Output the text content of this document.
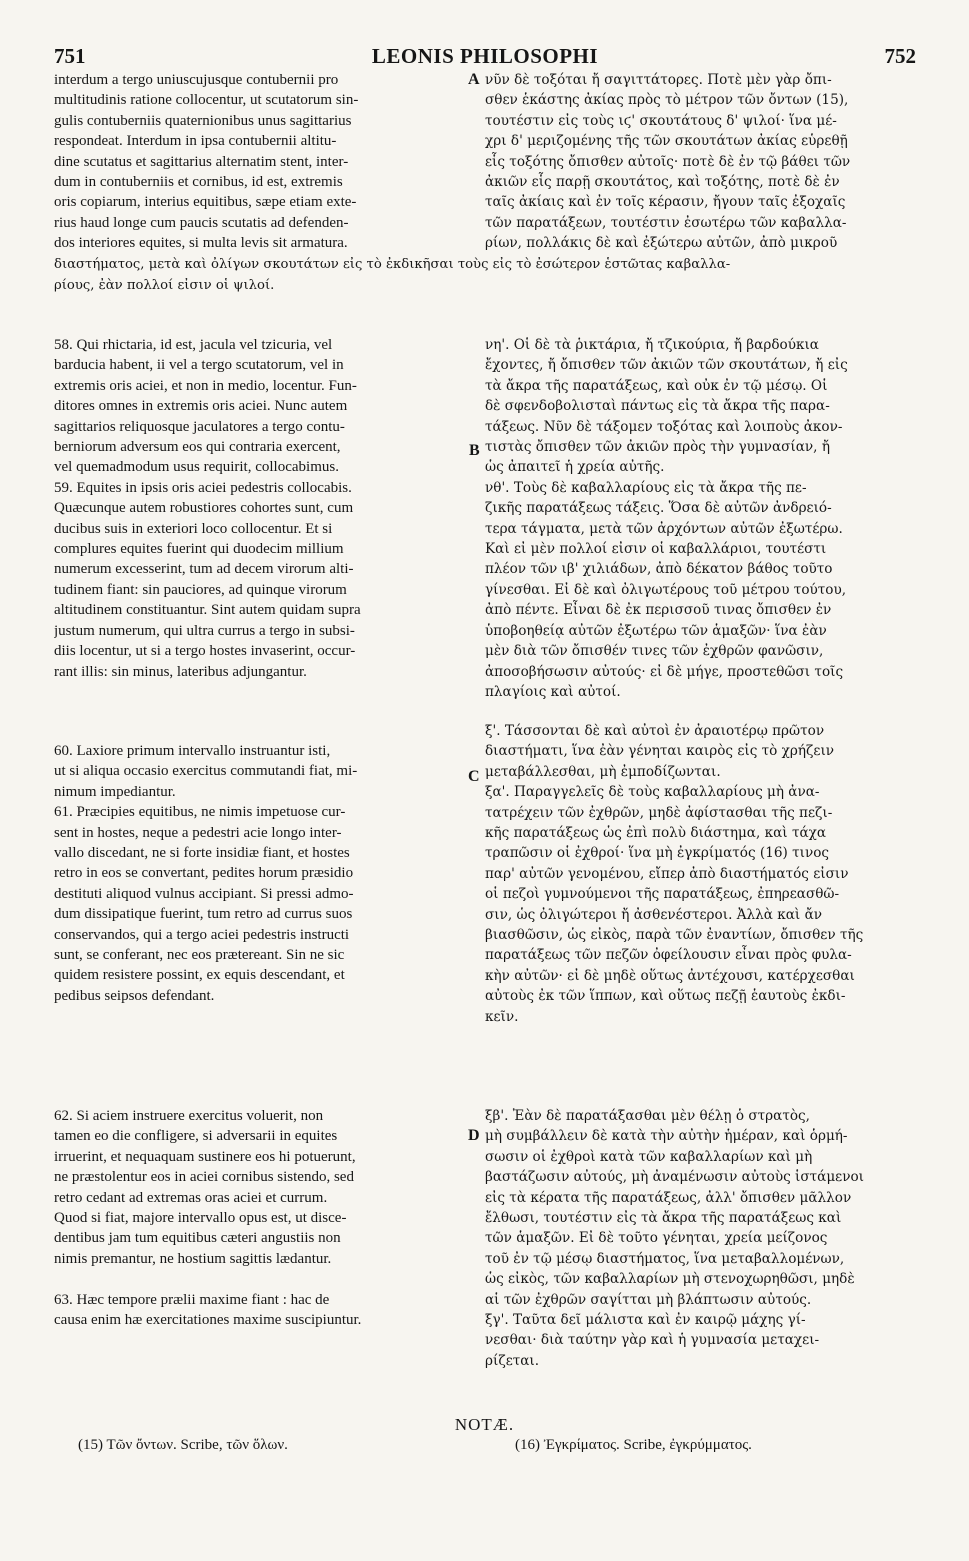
751	LEONIS PHILOSOPHI	752
interdum a tergo uniuscujusque contubernii pro
multitudinis ratione collocentur, ut scutatorum sin-
gulis contuberniis quaternionibus unus sagittarius
respondeat. Interdum in ipsa contubernii altitu-
dine scutatus et sagittarius alternatim stent, inter-
dum in contuberniis et cornibus, id est, extremis
oris copiarum, interius equitibus, sæpe etiam exte-
rius haud longe cum paucis scutatis ad defenden-
dos interiores equites, si multa levis sit armatura.
νῦν δὲ τοξόται ἤ σαγιττάτορες. Ποτὲ μὲν γὰρ ὄπι-
σθεν ἑκάστης ἀκίας πρὸς τὸ μέτρον τῶν ὄντων (15),
τουτέστιν εἰς τοὺς ιϛ' σκουτάτους δ' ψιλοί· ἵνα μέ-
χρι δ' μεριζομένης τῆς τῶν σκουτάτων ἀκίας εὑρεθῇ
εἷς τοξότης ὄπισθεν αὐτοῖς· ποτὲ δὲ ἐν τῷ βάθει τῶν
ἀκιῶν εἷς παρῇ σκουτάτος, καὶ τοξότης, ποτὲ δὲ ἐν
ταῖς ἀκίαις καὶ ἐν τοῖς κέρασιν, ἤγουν ταῖς ἐξοχαῖς
τῶν παρατάξεων, τουτέστιν ἐσωτέρω τῶν καβαλλα-
ρίων, πολλάκις δὲ καὶ ἐξώτερω αὐτῶν, ἀπὸ μικροῦ
A
διαστήματος, μετὰ καὶ ὀλίγων σκουτάτων εἰς τὸ ἐκδικῆσαι τοὺς εἰς τὸ ἐσώτερον ἑστῶτας καβαλλα-
ρίους, ἐὰν πολλοί εἰσιν οἱ ψιλοί.
58. Qui rhictaria, id est, jacula vel tzicuria, vel
barducia habent, ii vel a tergo scutatorum, vel in
extremis oris aciei, et non in medio, locentur. Fun-
ditores omnes in extremis oris aciei. Nunc autem
sagittarios reliquosque jaculatores a tergo contu-
berniorum adversum eos qui contraria exercent,
vel quemadmodum usus requirit, collocabimus.
59. Equites in ipsis oris aciei pedestris collocabis.
Quæcunque autem robustiores cohortes sunt, cum
ducibus suis in exteriori loco collocentur. Et si
complures equites fuerint qui duodecim millium
numerum excesserint, tum ad decem virorum alti-
tudinem fiant: sin pauciores, ad quinque virorum
altitudinem constituantur. Sint autem quidam supra
justum numerum, qui ultra currus a tergo in subsi-
diis locentur, ut si a tergo hostes invaserint, occur-
rant illis: sin minus, lateribus adjungantur.
νη'. Οἱ δὲ τὰ ῥικτάρια, ἤ τζικούρια, ἤ βαρδούκια
ἔχοντες, ἤ ὄπισθεν τῶν ἀκιῶν τῶν σκουτάτων, ἤ εἰς
τὰ ἄκρα τῆς παρατάξεως, καὶ οὐκ ἐν τῷ μέσῳ. Οἱ
δὲ σφενδοβολισταὶ πάντως εἰς τὰ ἄκρα τῆς παρα-
τάξεως. Νῦν δὲ τάξομεν τοξότας καὶ λοιποὺς ἀκον-
τιστὰς ὄπισθεν τῶν ἀκιῶν πρὸς τὴν γυμνασίαν, ἤ
ὡς ἀπαιτεῖ ἡ χρεία αὐτῆς.
νθ'. Τοὺς δὲ καβαλλαρίους εἰς τὰ ἄκρα τῆς πε-
ζικῆς παρατάξεως τάξεις. Ὅσα δὲ αὐτῶν ἀνδρειό-
τερα τάγματα, μετὰ τῶν ἀρχόντων αὐτῶν ἐξωτέρω.
Καὶ εἰ μὲν πολλοί εἰσιν οἱ καβαλλάριοι, τουτέστι
πλέον τῶν ιβ' χιλιάδων, ἀπὸ δέκατον βάθος τοῦτο
γίνεσθαι. Εἰ δὲ καὶ ὀλιγωτέρους τοῦ μέτρου τούτου,
ἀπὸ πέντε. Εἶναι δὲ ἐκ περισσοῦ τινας ὄπισθεν ἐν
ὑποβοηθείᾳ αὐτῶν ἐξωτέρω τῶν ἁμαξῶν· ἵνα ἐὰν
μὲν διὰ τῶν ὄπισθέν τινες τῶν ἐχθρῶν φανῶσιν,
ἀποσοβήσωσιν αὐτούς· εἰ δὲ μήγε, προστεθῶσι τοῖς
πλαγίοις καὶ αὐτοί.
B
60. Laxiore primum intervallo instruantur isti,
ut si aliqua occasio exercitus commutandi fiat, mi-
nimum impediantur.
61. Præcipies equitibus, ne nimis impetuose cur-
sent in hostes, neque a pedestri acie longo inter-
vallo discedant, ne si forte insidiæ fiant, et hostes
retro in eos se convertant, pedites horum præsidio
destituti aliquod vulnus accipiant. Si pressi admo-
dum dissipatique fuerint, tum retro ad currus suos
conservandos, qui a tergo aciei pedestris instructi
sunt, se conferant, nec eos prætereant. Sin ne sic
quidem resistere possint, ex equis descendant, et
pedibus seipsos defendant.
ξ'. Τάσσονται δὲ καὶ αὐτοὶ ἐν ἀραιοτέρῳ πρῶτον
διαστήματι, ἵνα ἐὰν γένηται καιρὸς εἰς τὸ χρήζειν
μεταβάλλεσθαι, μὴ ἐμποδίζωνται.
ξα'. Παραγγελεῖς δὲ τοὺς καβαλλαρίους μὴ ἀνα-
τατρέχειν τῶν ἐχθρῶν, μηδὲ ἀφίστασθαι τῆς πεζι-
κῆς παρατάξεως ὡς ἐπὶ πολὺ διάστημα, καὶ τάχα
τραπῶσιν οἱ ἐχθροί· ἵνα μὴ ἐγκρίματός (16) τινος
παρ' αὐτῶν γενομένου, εἴπερ ἀπὸ διαστήματός εἰσιν
οἱ πεζοὶ γυμνούμενοι τῆς παρατάξεως, ἐπηρεασθῶ-
σιν, ὡς ὀλιγώτεροι ἤ ἀσθενέστεροι. Ἀλλὰ καὶ ἄν
βιασθῶσιν, ὡς εἰκὸς, παρὰ τῶν ἐναντίων, ὄπισθεν τῆς
παρατάξεως τῶν πεζῶν ὀφείλουσιν εἶναι πρὸς φυλα-
κὴν αὐτῶν· εἰ δὲ μηδὲ οὕτως ἀντέχουσι, κατέρχεσθαι
αὐτοὺς ἐκ τῶν ἵππων, καὶ οὕτως πεζῇ ἑαυτοὺς ἐκδι-
κεῖν.
C
62. Si aciem instruere exercitus voluerit, non
tamen eo die confligere, si adversarii in equites
irruerint, et nequaquam sustinere eos hi potuerunt,
ne præstolentur eos in aciei cornibus sistendo, sed
retro cedant ad extremas oras aciei et currum.
Quod si fiat, majore intervallo opus est, ut disce-
dentibus jam tum equitibus cæteri angustiis non
nimis premantur, ne hostium sagittis lædantur.

63. Hæc tempore prælii maxime fiant : hac de
causa enim hæ exercitationes maxime suscipiuntur.
ξβ'. Ἐὰν δὲ παρατάξασθαι μὲν θέλῃ ὁ στρατὸς,
μὴ συμβάλλειν δὲ κατὰ τὴν αὐτὴν ἡμέραν, καὶ ὁρμή-
σωσιν οἱ ἐχθροὶ κατὰ τῶν καβαλλαρίων καὶ μὴ
βαστάζωσιν αὐτούς, μὴ ἀναμένωσιν αὐτοὺς ἱστάμενοι
εἰς τὰ κέρατα τῆς παρατάξεως, ἀλλ' ὄπισθεν μᾶλλον
ἔλθωσι, τουτέστιν εἰς τὰ ἄκρα τῆς παρατάξεως καὶ
τῶν ἁμαξῶν. Εἰ δὲ τοῦτο γένηται, χρεία μείζονος
τοῦ ἐν τῷ μέσῳ διαστήματος, ἵνα μεταβαλλομένων,
ὡς εἰκὸς, τῶν καβαλλαρίων μὴ στενοχωρηθῶσι, μηδὲ
αἱ τῶν ἐχθρῶν σαγίτται μὴ βλάπτωσιν αὐτούς.
ξγ'. Ταῦτα δεῖ μάλιστα καὶ ἐν καιρῷ μάχης γί-
νεσθαι· διὰ ταύτην γὰρ καὶ ἡ γυμνασία μεταχει-
ρίζεται.
D
NOTÆ.
(15) Τῶν ὄντων. Scribe, τῶν ὅλων.	(16) Ἐγκρίματος. Scribe, ἐγκρύμματος.
